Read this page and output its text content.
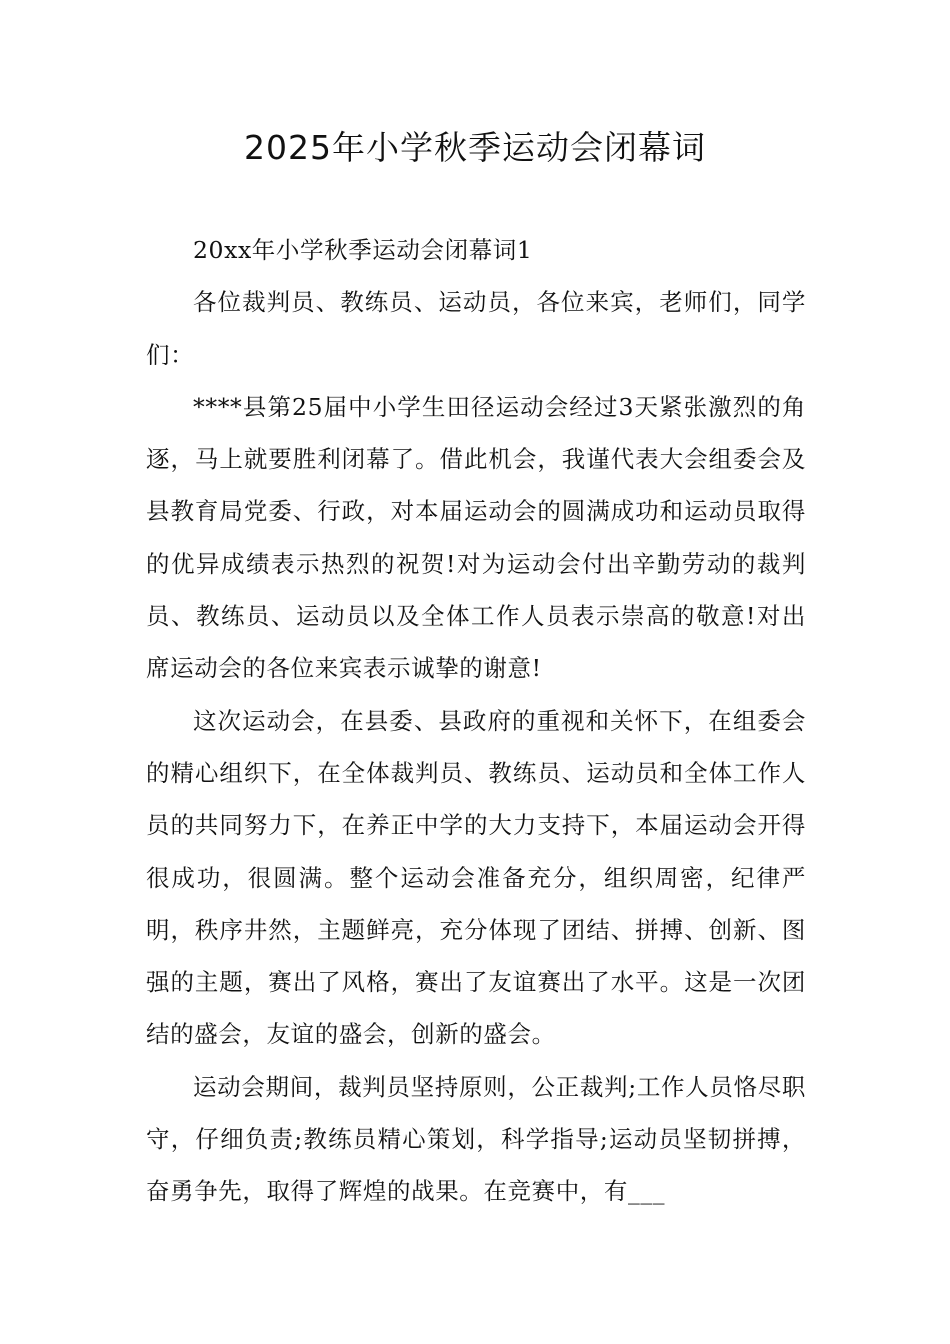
2025年小学秋季运动会闭幕词

20xx年小学秋季运动会闭幕词1

各位裁判员、教练员、运动员，各位来宾，老师们，同学们：

****县第25届中小学生田径运动会经过3天紧张激烈的角逐，马上就要胜利闭幕了。借此机会，我谨代表大会组委会及县教育局党委、行政，对本届运动会的圆满成功和运动员取得的优异成绩表示热烈的祝贺!对为运动会付出辛勤劳动的裁判员、教练员、运动员以及全体工作人员表示崇高的敬意!对出席运动会的各位来宾表示诚挚的谢意!

这次运动会，在县委、县政府的重视和关怀下，在组委会的精心组织下，在全体裁判员、教练员、运动员和全体工作人员的共同努力下，在养正中学的大力支持下，本届运动会开得很成功，很圆满。整个运动会准备充分，组织周密，纪律严明，秩序井然，主题鲜亮，充分体现了团结、拼搏、创新、图强的主题，赛出了风格，赛出了友谊赛出了水平。这是一次团结的盛会，友谊的盛会，创新的盛会。

运动会期间，裁判员坚持原则，公正裁判;工作人员恪尽职守，仔细负责;教练员精心策划，科学指导;运动员坚韧拼搏，奋勇争先，取得了辉煌的战果。在竞赛中，有___
